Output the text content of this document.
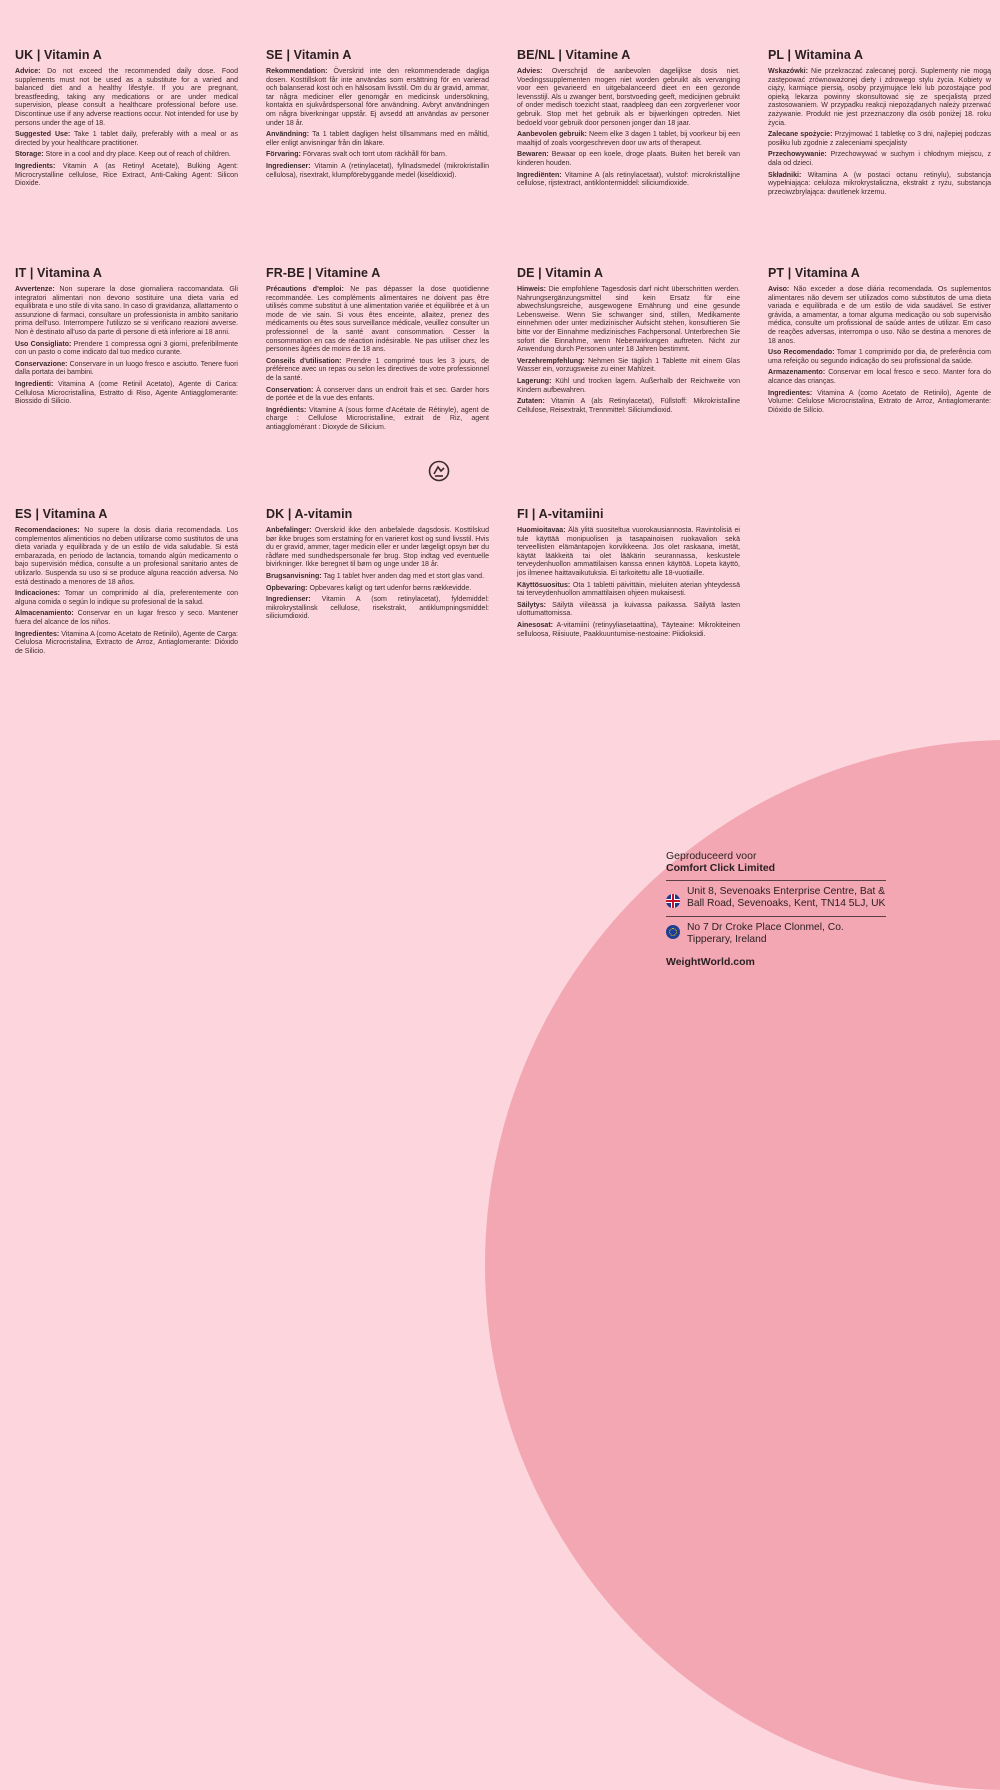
UK | Vitamin A

Advice: Do not exceed the recommended daily dose. Food supplements must not be used as a substitute for a varied and balanced diet and a healthy lifestyle. If you are pregnant, breastfeeding, taking any medications or are under medical supervision, please consult a healthcare professional before use. Discontinue use if any adverse reactions occur. Not intended for use by persons under the age of 18.

Suggested Use: Take 1 tablet daily, preferably with a meal or as directed by your healthcare practitioner.

Storage: Store in a cool and dry place. Keep out of reach of children.

Ingredients: Vitamin A (as Retinyl Acetate), Bulking Agent: Microcrystalline cellulose, Rice Extract, Anti-Caking Agent: Silicon Dioxide.

SE | Vitamin A

Rekommendation: Överskrid inte den rekommenderade dagliga dosen. Kosttillskott får inte användas som ersättning för en varierad och balanserad kost och en hälsosam livsstil. Om du är gravid, ammar, tar några mediciner eller genomgår en medicinsk undersökning, kontakta en sjukvårdspersonal före användning. Avbryt användningen om några biverkningar uppstår. Ej avsedd att användas av personer under 18 år.

Användning: Ta 1 tablett dagligen helst tillsammans med en måltid, eller enligt anvisningar från din läkare.

Förvaring: Förvaras svalt och torrt utom räckhåll för barn.

Ingredienser: Vitamin A (retinylacetat), fyllnadsmedel (mikrokristallin cellulosa), risextrakt, klumpförebyggande medel (kiseldioxid).

BE/NL | Vitamine A

Advies: Overschrijd de aanbevolen dagelijkse dosis niet. Voedingssupplementen mogen niet worden gebruikt als vervanging voor een gevarieerd en uitgebalanceerd dieet en een gezonde levensstijl. Als u zwanger bent, borstvoeding geeft, medicijnen gebruikt of onder medisch toezicht staat, raadpleeg dan een zorgverlener voor gebruik. Stop met het gebruik als er bijwerkingen optreden. Niet bedoeld voor gebruik door personen jonger dan 18 jaar.

Aanbevolen gebruik: Neem elke 3 dagen 1 tablet, bij voorkeur bij een maaltijd of zoals voorgeschreven door uw arts of therapeut.

Bewaren: Bewaar op een koele, droge plaats. Buiten het bereik van kinderen houden.

Ingrediënten: Vitamine A (als retinylacetaat), vulstof: microkristallijne cellulose, rijstextract, antiklontermiddel: siliciumdioxide.

PL | Witamina A

Wskazówki: Nie przekraczać zalecanej porcji. Suplementy nie mogą zastępować zrównoważonej diety i zdrowego stylu życia. Kobiety w ciąży, karmiące piersią, osoby przyjmujące leki lub pozostające pod opieką lekarza powinny skonsultować się ze specjalistą przed zastosowaniem. W przypadku reakcji niepożądanych należy przerwać zażywanie. Produkt nie jest przeznaczony dla osób poniżej 18. roku życia.

Zalecane spożycie: Przyjmować 1 tabletkę co 3 dni, najlepiej podczas posiłku lub zgodnie z zaleceniami specjalisty

Przechowywanie: Przechowywać w suchym i chłodnym miejscu, z dala od dzieci.

Składniki: Witamina A (w postaci octanu retinylu), substancja wypełniająca: celuloza mikrokrystaliczna, ekstrakt z ryżu, substancja przeciwzbrylająca: dwutlenek krzemu.

IT | Vitamina A

Avvertenze: Non superare la dose giornaliera raccomandata. Gli integratori alimentari non devono sostituire una dieta varia ed equilibrata e uno stile di vita sano. In caso di gravidanza, allattamento o assunzione di farmaci, consultare un professionista in ambito sanitario prima dell'uso. Interrompere l'utilizzo se si verificano reazioni avverse. Non è destinato all'uso da parte di persone di età inferiore ai 18 anni.

Uso Consigliato: Prendere 1 compressa ogni 3 giorni, preferibilmente con un pasto o come indicato dal tuo medico curante.

Conservazione: Conservare in un luogo fresco e asciutto. Tenere fuori dalla portata dei bambini.

Ingredienti: Vitamina A (come Retinil Acetato), Agente di Carica: Cellulosa Microcristallina, Estratto di Riso, Agente Antiagglomerante: Biossido di Silicio.

FR-BE | Vitamine A

Précautions d'emploi: Ne pas dépasser la dose quotidienne recommandée. Les compléments alimentaires ne doivent pas être utilisés comme substitut à une alimentation variée et équilibrée et à un mode de vie sain. Si vous êtes enceinte, allaitez, prenez des médicaments ou êtes sous surveillance médicale, veuillez consulter un professionnel de la santé avant consommation. Cesser la consommation en cas de réaction indésirable. Ne pas utiliser chez les personnes âgées de moins de 18 ans.

Conseils d'utilisation: Prendre 1 comprimé tous les 3 jours, de préférence avec un repas ou selon les directives de votre professionnel de la santé.

Conservation: À conserver dans un endroit frais et sec. Garder hors de portée et de la vue des enfants.

Ingrédients: Vitamine A (sous forme d'Acétate de Rétinyle), agent de charge : Cellulose Microcristalline, extrait de Riz, agent antiagglomérant : Dioxyde de Silicium.

DE | Vitamin A

Hinweis: Die empfohlene Tagesdosis darf nicht überschritten werden. Nahrungsergänzungsmittel sind kein Ersatz für eine abwechslungsreiche, ausgewogene Ernährung und eine gesunde Lebensweise. Wenn Sie schwanger sind, stillen, Medikamente einnehmen oder unter medizinischer Aufsicht stehen, konsultieren Sie bitte vor der Einnahme medizinisches Fachpersonal. Unterbrechen Sie sofort die Einnahme, wenn Nebenwirkungen auftreten. Nicht zur Anwendung durch Personen unter 18 Jahren bestimmt.

Verzehrempfehlung: Nehmen Sie täglich 1 Tablette mit einem Glas Wasser ein, vorzugsweise zu einer Mahlzeit.

Lagerung: Kühl und trocken lagern. Außerhalb der Reichweite von Kindern aufbewahren.

Zutaten: Vitamin A (als Retinylacetat), Füllstoff: Mikrokristalline Cellulose, Reisextrakt, Trennmittel: Siliciumdioxid.

PT | Vitamina A

Aviso: Não exceder a dose diária recomendada. Os suplementos alimentares não devem ser utilizados como substitutos de uma dieta variada e equilibrada e de um estilo de vida saudável. Se estiver grávida, a amamentar, a tomar alguma medicação ou sob supervisão médica, consulte um profissional de saúde antes de utilizar. Em caso de reações adversas, interrompa o uso. Não se destina a menores de 18 anos.

Uso Recomendado: Tomar 1 comprimido por dia, de preferência com uma refeição ou segundo indicação do seu profissional da saúde.

Armazenamento: Conservar em local fresco e seco. Manter fora do alcance das crianças.

Ingredientes: Vitamina A (como Acetato de Retinilo), Agente de Volume: Celulose Microcristalina, Extrato de Arroz, Antiaglomerante: Dióxido de Silício.

ES | Vitamina A

Recomendaciones: No supere la dosis diaria recomendada. Los complementos alimenticios no deben utilizarse como sustitutos de una dieta variada y equilibrada y de un estilo de vida saludable. Si está embarazada, en periodo de lactancia, tomando algún medicamento o bajo supervisión médica, consulte a un profesional sanitario antes de utilizarlo. Suspenda su uso si se produce alguna reacción adversa. No está destinado a menores de 18 años.

Indicaciones: Tomar un comprimido al día, preferentemente con alguna comida o según lo indique su profesional de la salud.

Almacenamiento: Conservar en un lugar fresco y seco. Mantener fuera del alcance de los niños.

Ingredientes: Vitamina A (como Acetato de Retinilo), Agente de Carga: Celulosa Microcristalina, Extracto de Arroz, Antiaglomerante: Dióxido de Silicio.

DK | A-vitamin

Anbefalinger: Overskrid ikke den anbefalede dagsdosis. Kosttilskud bør ikke bruges som erstatning for en varieret kost og sund livsstil. Hvis du er gravid, ammer, tager medicin eller er under lægeligt opsyn bør du rådføre med sundhedspersonale før brug. Stop indtag ved eventuelle bivirkninger. Ikke beregnet til børn og unge under 18 år.

Brugsanvisning: Tag 1 tablet hver anden dag med et stort glas vand.

Opbevaring: Opbevares køligt og tørt udenfor børns rækkevidde.

Ingredienser: Vitamin A (som retinylacetat), fyldemiddel: mikrokrystallinsk cellulose, risekstrakt, antiklumpningsmiddel: siliciumdioxid.

FI | A-vitamiini

Huomioitavaa: Älä ylitä suositeltua vuorokausiannosta. Ravintolisiä ei tule käyttää monipuolisen ja tasapainoisen ruokavalion sekä terveellisten elämäntapojen korvikkeena. Jos olet raskaana, imetät, käytät lääkkeitä tai olet lääkärin seurannassa, keskustele terveydenhuollon ammattilaisen kanssa ennen käyttöä. Lopeta käyttö, jos ilmenee haittavaikutuksia. Ei tarkoitettu alle 18-vuotiaille.

Käyttösuositus: Ota 1 tabletti päivittäin, mieluiten aterian yhteydessä tai terveydenhuollon ammattilaisen ohjeen mukaisesti.

Säilytys: Säilytä viileässä ja kuivassa paikassa. Säilytä lasten ulottumattomissa.

Ainesosat: A-vitamiini (retinyyliasetaattina), Täyteaine: Mikrokiteinen selluloosa, Riisiuute, Paakkuuntumise-nestoaine: Piidioksidi.

Geproduceerd voor
Comfort Click Limited
Unit 8, Sevenoaks Enterprise Centre, Bat & Ball Road, Sevenoaks, Kent, TN14 5LJ, UK
No 7 Dr Croke Place Clonmel, Co. Tipperary, Ireland
WeightWorld.com
